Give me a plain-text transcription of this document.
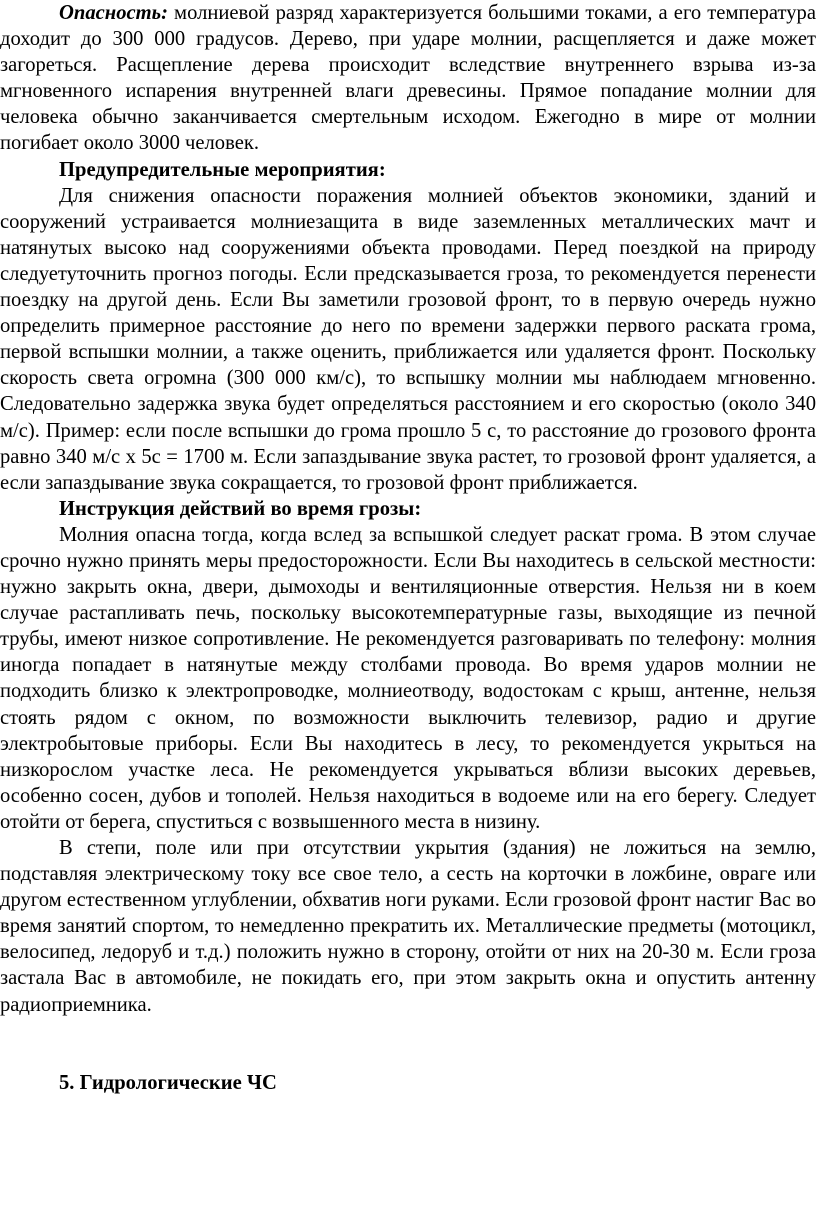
Опасность: молниевой разряд характеризуется большими токами, а его температура доходит до 300 000 градусов. Дерево, при ударе молнии, расщепляется и даже может загореться. Расщепление дерева происходит вследствие внутреннего взрыва из-за мгновенного испарения внутренней влаги древесины. Прямое попадание молнии для человека обычно заканчивается смертельным исходом. Ежегодно в мире от молнии погибает около 3000 человек.

Предупредительные мероприятия:

Для снижения опасности поражения молнией объектов экономики, зданий и сооружений устраивается молниезащита в виде заземленных металлических мачт и натянутых высоко над сооружениями объекта проводами. Перед поездкой на природу следуетуточнить прогноз погоды. Если предсказывается гроза, то рекомендуется перенести поездку на другой день. Если Вы заметили грозовой фронт, то в первую очередь нужно определить примерное расстояние до него по времени задержки первого раската грома, первой вспышки молнии, а также оценить, приближается или удаляется фронт. Поскольку скорость света огромна (300 000 км/с), то вспышку молнии мы наблюдаем мгновенно. Следовательно задержка звука будет определяться расстоянием и его скоростью (около 340 м/с). Пример: если после вспышки до грома прошло 5 с, то расстояние до грозового фронта равно 340 м/с х 5с = 1700 м. Если запаздывание звука растет, то грозовой фронт удаляется, а если запаздывание звука сокращается, то грозовой фронт приближается.

Инструкция действий во время грозы:

Молния опасна тогда, когда вслед за вспышкой следует раскат грома. В этом случае срочно нужно принять меры предосторожности. Если Вы находитесь в сельской местности: нужно закрыть окна, двери, дымоходы и вентиляционные отверстия. Нельзя ни в коем случае растапливать печь, поскольку высокотемпературные газы, выходящие из печной трубы, имеют низкое сопротивление. Не рекомендуется разговаривать по телефону: молния иногда попадает в натянутые между столбами провода. Во время ударов молнии не подходить близко к электропроводке, молниеотводу, водостокам с крыш, антенне, нельзя стоять рядом с окном, по возможности выключить телевизор, радио и другие электробытовые приборы. Если Вы находитесь в лесу, то рекомендуется укрыться на низкорослом участке леса. Не рекомендуется укрываться вблизи высоких деревьев, особенно сосен, дубов и тополей. Нельзя находиться в водоеме или на его берегу. Следует отойти от берега, спуститься с возвышенного места в низину.

В степи, поле или при отсутствии укрытия (здания) не ложиться на землю, подставляя электрическому току все свое тело, а сесть на корточки в ложбине, овраге или другом естественном углублении, обхватив ноги руками. Если грозовой фронт настиг Вас во время занятий спортом, то немедленно прекратить их. Металлические предметы (мотоцикл, велосипед, ледоруб и т.д.) положить нужно в сторону, отойти от них на 20-30 м. Если гроза застала Вас в автомобиле, не покидать его, при этом закрыть окна и опустить антенну радиоприемника.

5. Гидрологические ЧС
